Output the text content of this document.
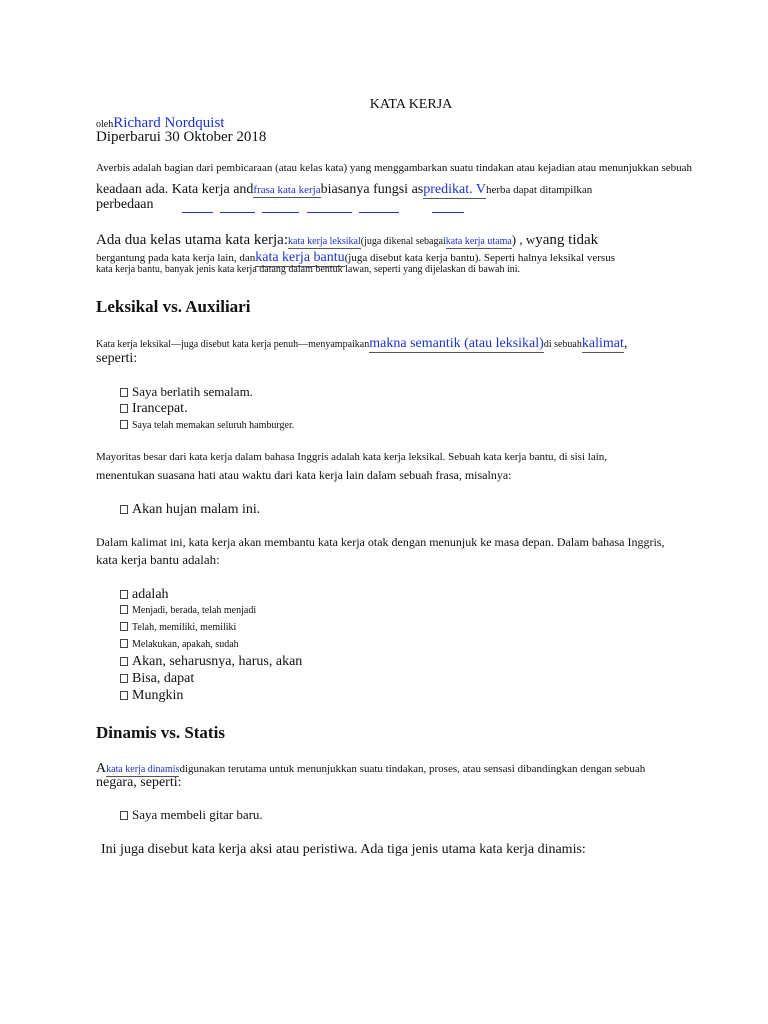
KATA KERJA
olehRichard Nordquist
Diperbarui 30 Oktober 2018
Averbis adalah bagian dari pembicaraan (atau kelas kata) yang menggambarkan suatu tindakan atau kejadian atau menunjukkan sebuah
keadaan ada. Kata kerja andfrasa kata kerjabiasanya fungsi aspredikat. Vherba dapat ditampilkan
perbedaan
Ada dua kelas utama kata kerja:kata kerja leksikal(juga dikenal sebagaikata kerja utama) , wyang tidak
bergantung pada kata kerja lain, dankata kerja bantu(juga disebut kata kerja bantu). Seperti halnya leksikal versus
kata kerja bantu, banyak jenis kata kerja datang dalam bentuk lawan, seperti yang dijelaskan di bawah ini.
Leksikal vs. Auxiliari
Kata kerja leksikal—juga disebut kata kerja penuh—menyampaikanmakna semantik (atau leksikal)di sebuahkalimat,
seperti:
Saya berlatih semalam.
Irancepat.
Saya telah memakan seluruh hamburger.
Mayoritas besar dari kata kerja dalam bahasa Inggris adalah kata kerja leksikal. Sebuah kata kerja bantu, di sisi lain,
menentukan suasana hati atau waktu dari kata kerja lain dalam sebuah frasa, misalnya:
Akan hujan malam ini.
Dalam kalimat ini, kata kerja akan membantu kata kerja otak dengan menunjuk ke masa depan. Dalam bahasa Inggris,
kata kerja bantu adalah:
adalah
Menjadi, berada, telah menjadi
Telah, memiliki, memiliki
Melakukan, apakah, sudah
Akan, seharusnya, harus, akan
Bisa, dapat
Mungkin
Dinamis vs. Statis
Akata kerja dinamisdigunakan terutama untuk menunjukkan suatu tindakan, proses, atau sensasi dibandingkan dengan sebuah
negara, seperti:
Saya membeli gitar baru.
Ini juga disebut kata kerja aksi atau peristiwa. Ada tiga jenis utama kata kerja dinamis:
